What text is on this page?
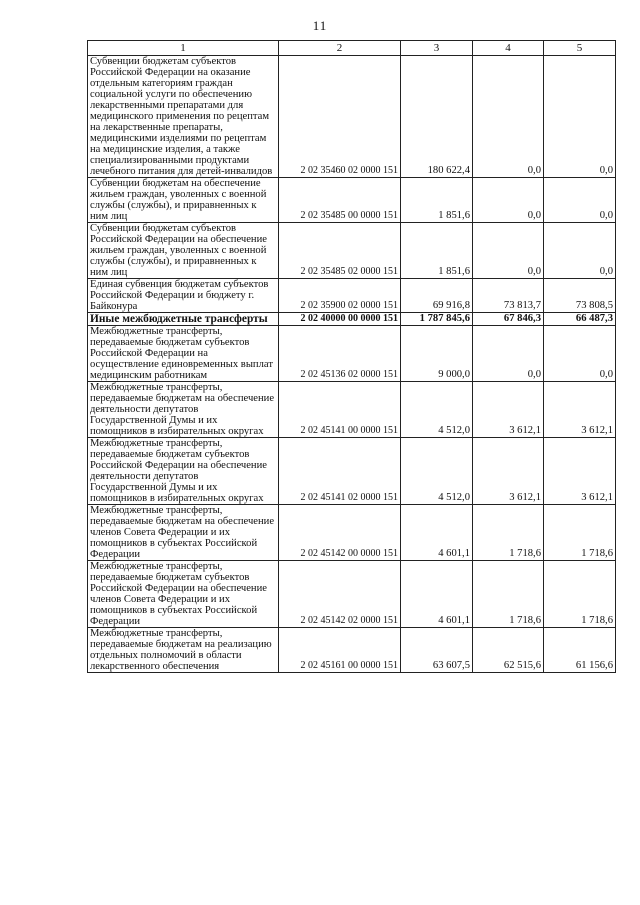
11
1	2	3	4	5
Субвенции бюджетам субъектов Российской Федерации на оказание отдельным категориям граждан социальной услуги по обеспечению лекарственными препаратами для медицинского применения по рецептам на лекарственные препараты, медицинскими изделиями по рецептам на медицинские изделия, а также специализированными продуктами лечебного питания для детей-инвалидов	2 02 35460 02 0000 151	180 622,4	0,0	0,0
Субвенции бюджетам на обеспечение жильем граждан, уволенных с военной службы (службы), и приравненных к ним лиц	2 02 35485 00 0000 151	1 851,6	0,0	0,0
Субвенции бюджетам субъектов Российской Федерации на обеспечение жильем граждан, уволенных с военной службы (службы), и приравненных к ним лиц	2 02 35485 02 0000 151	1 851,6	0,0	0,0
Единая субвенция бюджетам субъектов Российской Федерации и бюджету г. Байконура	2 02 35900 02 0000 151	69 916,8	73 813,7	73 808,5
Иные межбюджетные трансферты	2 02 40000 00 0000 151	1 787 845,6	67 846,3	66 487,3
Межбюджетные трансферты, передаваемые бюджетам субъектов Российской Федерации на осуществление единовременных выплат медицинским работникам	2 02 45136 02 0000 151	9 000,0	0,0	0,0
Межбюджетные трансферты, передаваемые бюджетам на обеспечение деятельности депутатов Государственной Думы и их помощников в избирательных округах	2 02 45141 00 0000 151	4 512,0	3 612,1	3 612,1
Межбюджетные трансферты, передаваемые бюджетам субъектов Российской Федерации на обеспечение деятельности депутатов Государственной Думы и их помощников в избирательных округах	2 02 45141 02 0000 151	4 512,0	3 612,1	3 612,1
Межбюджетные трансферты, передаваемые бюджетам на обеспечение членов Совета Федерации и их помощников в субъектах Российской Федерации	2 02 45142 00 0000 151	4 601,1	1 718,6	1 718,6
Межбюджетные трансферты, передаваемые бюджетам субъектов Российской Федерации на обеспечение членов Совета Федерации и их помощников в субъектах Российской Федерации	2 02 45142 02 0000 151	4 601,1	1 718,6	1 718,6
Межбюджетные трансферты, передаваемые бюджетам на реализацию отдельных полномочий в области лекарственного обеспечения	2 02 45161 00 0000 151	63 607,5	62 515,6	61 156,6
